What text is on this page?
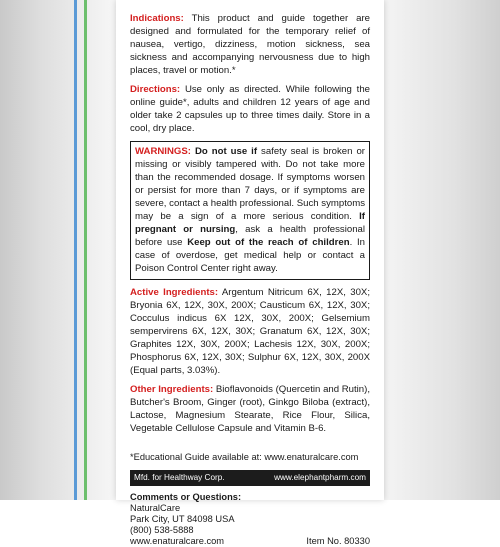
Indications: This product and guide together are designed and formulated for the temporary relief of nausea, vertigo, dizziness, motion sickness, sea sickness and accompanying nervousness due to high places, travel or motion.*

Directions: Use only as directed. While following the online guide*, adults and children 12 years of age and older take 2 capsules up to three times daily. Store in a cool, dry place.

WARNINGS: Do not use if safety seal is broken or missing or visibly tampered with. Do not take more than the recommended dosage. If symptoms worsen or persist for more than 7 days, or if symptoms are severe, contact a health professional. Such symptoms may be a sign of a more serious condition. If pregnant or nursing, ask a health professional before use Keep out of the reach of children. In case of overdose, get medical help or contact a Poison Control Center right away.

Active Ingredients: Argentum Nitricum 6X, 12X, 30X; Bryonia 6X, 12X, 30X, 200X; Causticum 6X, 12X, 30X; Cocculus indicus 6X 12X, 30X, 200X; Gelsemium sempervirens 6X, 12X, 30X; Granatum 6X, 12X, 30X; Graphites 12X, 30X, 200X; Lachesis 12X, 30X, 200X; Phosphorus 6X, 12X, 30X; Sulphur 6X, 12X, 30X, 200X (Equal parts, 3.03%).

Other Ingredients: Bioflavonoids (Quercetin and Rutin), Butcher's Broom, Ginger (root), Ginkgo Biloba (extract), Lactose, Magnesium Stearate, Rice Flour, Silica, Vegetable Cellulose Capsule and Vitamin B-6.

*Educational Guide available at: www.enaturalcare.com
Mfd. for Healthway Corp.	www.elephantpharm.com
Comments or Questions:
NaturalCare
Park City, UT 84098 USA
(800) 538-5888
www.enaturalcare.com	Item No. 80330
